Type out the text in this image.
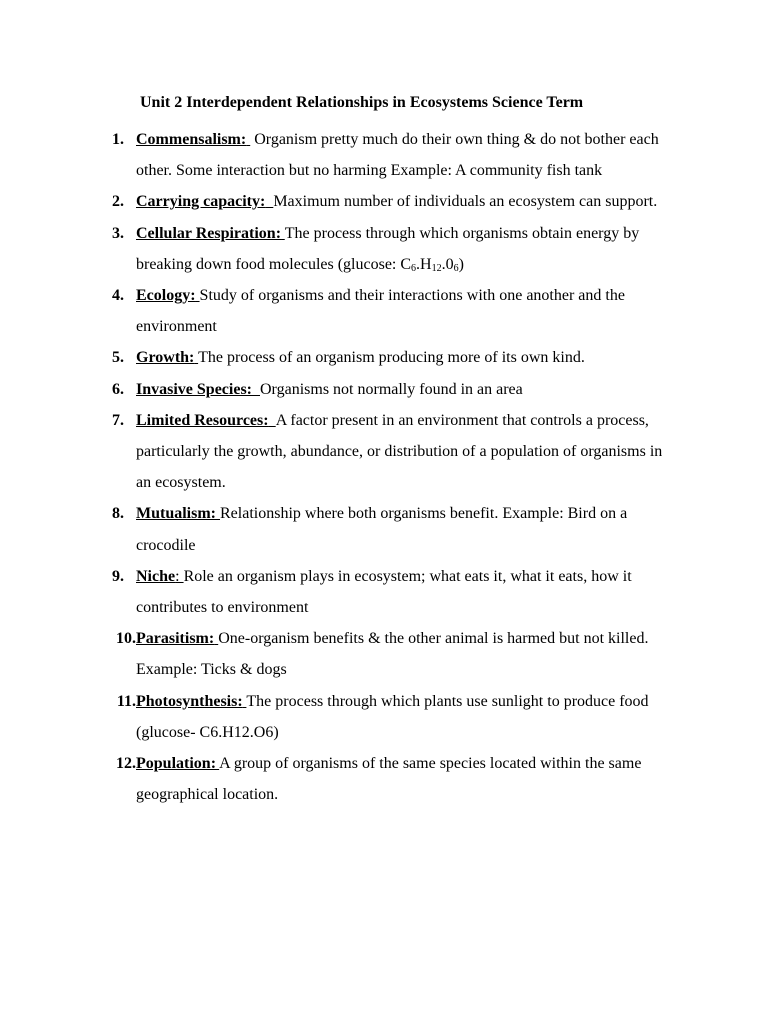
Unit 2 Interdependent Relationships in Ecosystems Science Term
1. Commensalism: Organism pretty much do their own thing & do not bother each other. Some interaction but no harming Example: A community fish tank
2. Carrying capacity: Maximum number of individuals an ecosystem can support.
3. Cellular Respiration: The process through which organisms obtain energy by breaking down food molecules (glucose: $C_6.H_{12}.0_6$)
4. Ecology: Study of organisms and their interactions with one another and the environment
5. Growth: The process of an organism producing more of its own kind.
6. Invasive Species: Organisms not normally found in an area
7. Limited Resources: A factor present in an environment that controls a process, particularly the growth, abundance, or distribution of a population of organisms in an ecosystem.
8. Mutualism: Relationship where both organisms benefit. Example: Bird on a crocodile
9. Niche: Role an organism plays in ecosystem; what eats it, what it eats, how it contributes to environment
10. Parasitism: One-organism benefits & the other animal is harmed but not killed. Example: Ticks & dogs
11. Photosynthesis: The process through which plants use sunlight to produce food (glucose- C6.H12.O6)
12. Population: A group of organisms of the same species located within the same geographical location.
